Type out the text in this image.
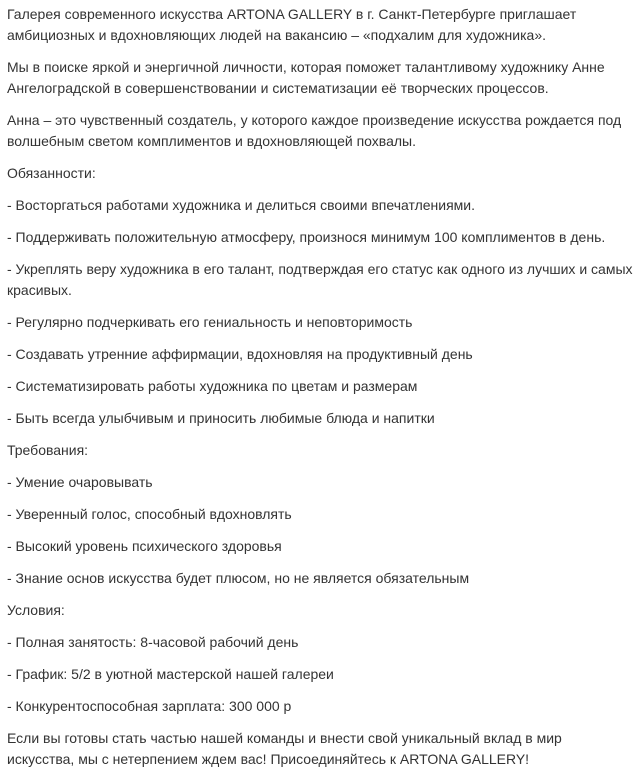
Галерея современного искусства ARTONA GALLERY в г. Санкт-Петербурге приглашает амбициозных и вдохновляющих людей на вакансию – «подхалим для художника».

Мы в поиске яркой и энергичной личности, которая поможет талантливому художнику Анне Ангелоградской в совершенствовании и систематизации её творческих процессов.

Анна – это чувственный создатель, у которого каждое произведение искусства рождается под волшебным светом комплиментов и вдохновляющей похвалы.

Обязанности:

- Восторгаться работами художника и делиться своими впечатлениями.

- Поддерживать положительную атмосферу, произнося минимум 100 комплиментов в день.

- Укреплять веру художника в его талант, подтверждая его статус как одного из лучших и самых красивых.

- Регулярно подчеркивать его гениальность и неповторимость

- Создавать утренние аффирмации, вдохновляя на продуктивный день

- Систематизировать работы художника по цветам и размерам

- Быть всегда улыбчивым и приносить любимые блюда и напитки

Требования:

- Умение очаровывать

- Уверенный голос, способный вдохновлять

- Высокий уровень психического здоровья

- Знание основ искусства будет плюсом, но не является обязательным

Условия:

- Полная занятость: 8-часовой рабочий день

- График: 5/2 в уютной мастерской нашей галереи

- Конкурентоспособная зарплата: 300 000 р

Если вы готовы стать частью нашей команды и внести свой уникальный вклад в мир искусства, мы с нетерпением ждем вас! Присоединяйтесь к ARTONA GALLERY!
